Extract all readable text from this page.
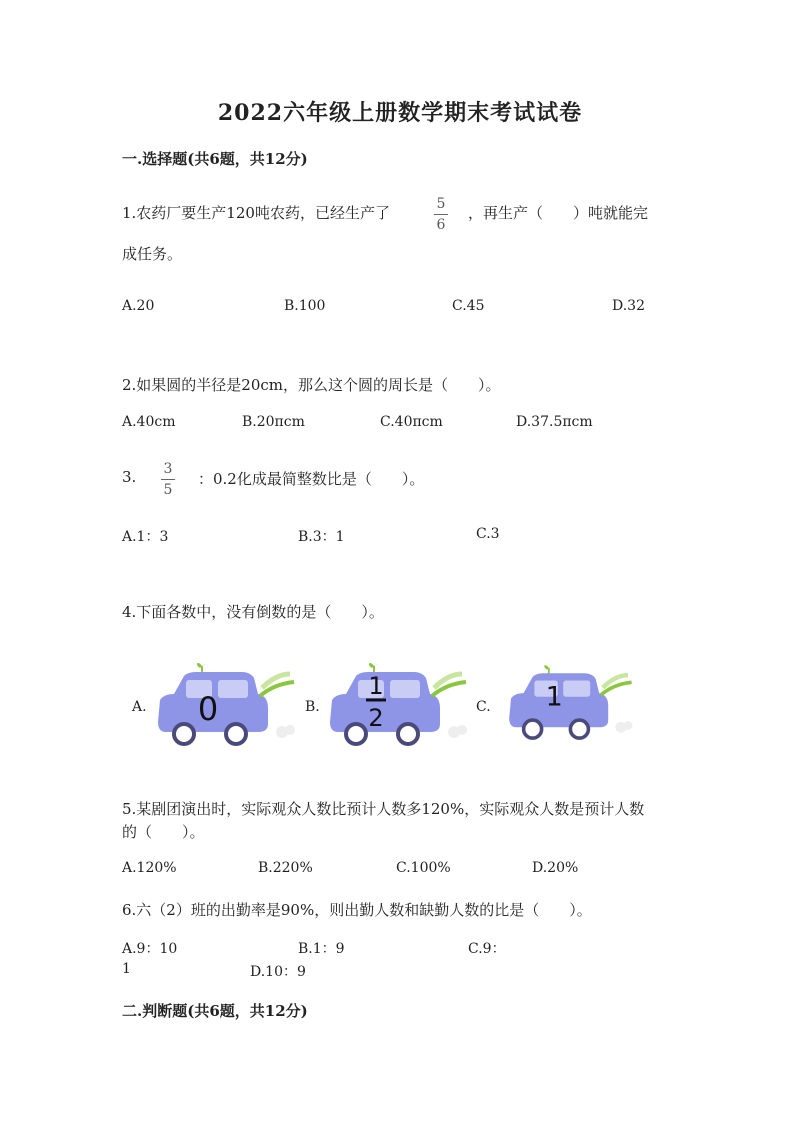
2022六年级上册数学期末考试试卷
一.选择题(共6题，共12分)
1.农药厂要生产120吨农药，已经生产了	5
6
，再生产（　　）吨就能完
成任务。
A.20	B.100	C.45	D.32
2.如果圆的半径是20cm，那么这个圆的周长是（　　）。
A.40cm	B.20πcm	C.40πcm	D.37.5πcm
3. 3
5
：0.2化成最简整数比是（　　）。
A.1：3	B.3：1	C.3
4.下面各数中，没有倒数的是（　　）。
A. 0	B.
1
2	C. 1
5.某剧团演出时，实际观众人数比预计人数多120%，实际观众人数是预计人数
的（　　）。
A.120%	B.220%	C.100%	D.20%
6.六（2）班的出勤率是90%，则出勤人数和缺勤人数的比是（　　）。
A.9：10	B.1：9	C.9：
1	D.10：9
二.判断题(共6题，共12分)
